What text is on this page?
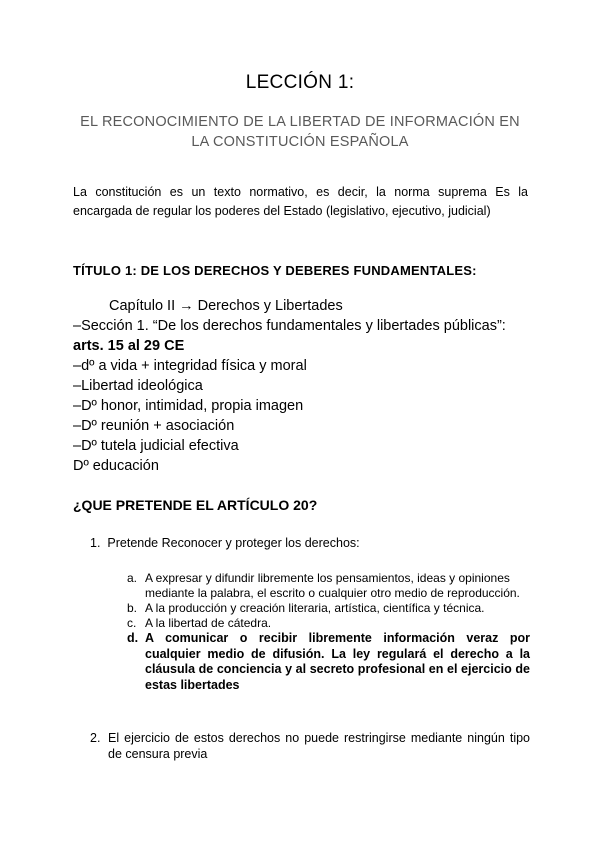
LECCIÓN 1:
EL RECONOCIMIENTO DE LA LIBERTAD DE INFORMACIÓN EN
LA CONSTITUCIÓN ESPAÑOLA
La constitución es un texto normativo, es decir, la norma suprema Es la encargada de regular los poderes del Estado (legislativo, ejecutivo, judicial)
TÍTULO 1: DE LOS DERECHOS Y DEBERES FUNDAMENTALES:
Capítulo II → Derechos y Libertades
–Sección 1. “De los derechos fundamentales y libertades públicas”:
arts. 15 al 29 CE
–dº a vida + integridad física y moral
–Libertad ideológica
–Dº honor, intimidad, propia imagen
–Dº reunión + asociación
–Dº tutela judicial efectiva
Dº educación
¿QUE PRETENDE EL ARTÍCULO 20?
1. Pretende Reconocer y proteger los derechos:
a. A expresar y difundir libremente los pensamientos, ideas y opiniones mediante la palabra, el escrito o cualquier otro medio de reproducción.
b. A la producción y creación literaria, artística, científica y técnica.
c. A la libertad de cátedra.
d. A comunicar o recibir libremente información veraz por cualquier medio de difusión. La ley regulará el derecho a la cláusula de conciencia y al secreto profesional en el ejercicio de estas libertades
2. El ejercicio de estos derechos no puede restringirse mediante ningún tipo de censura previa
